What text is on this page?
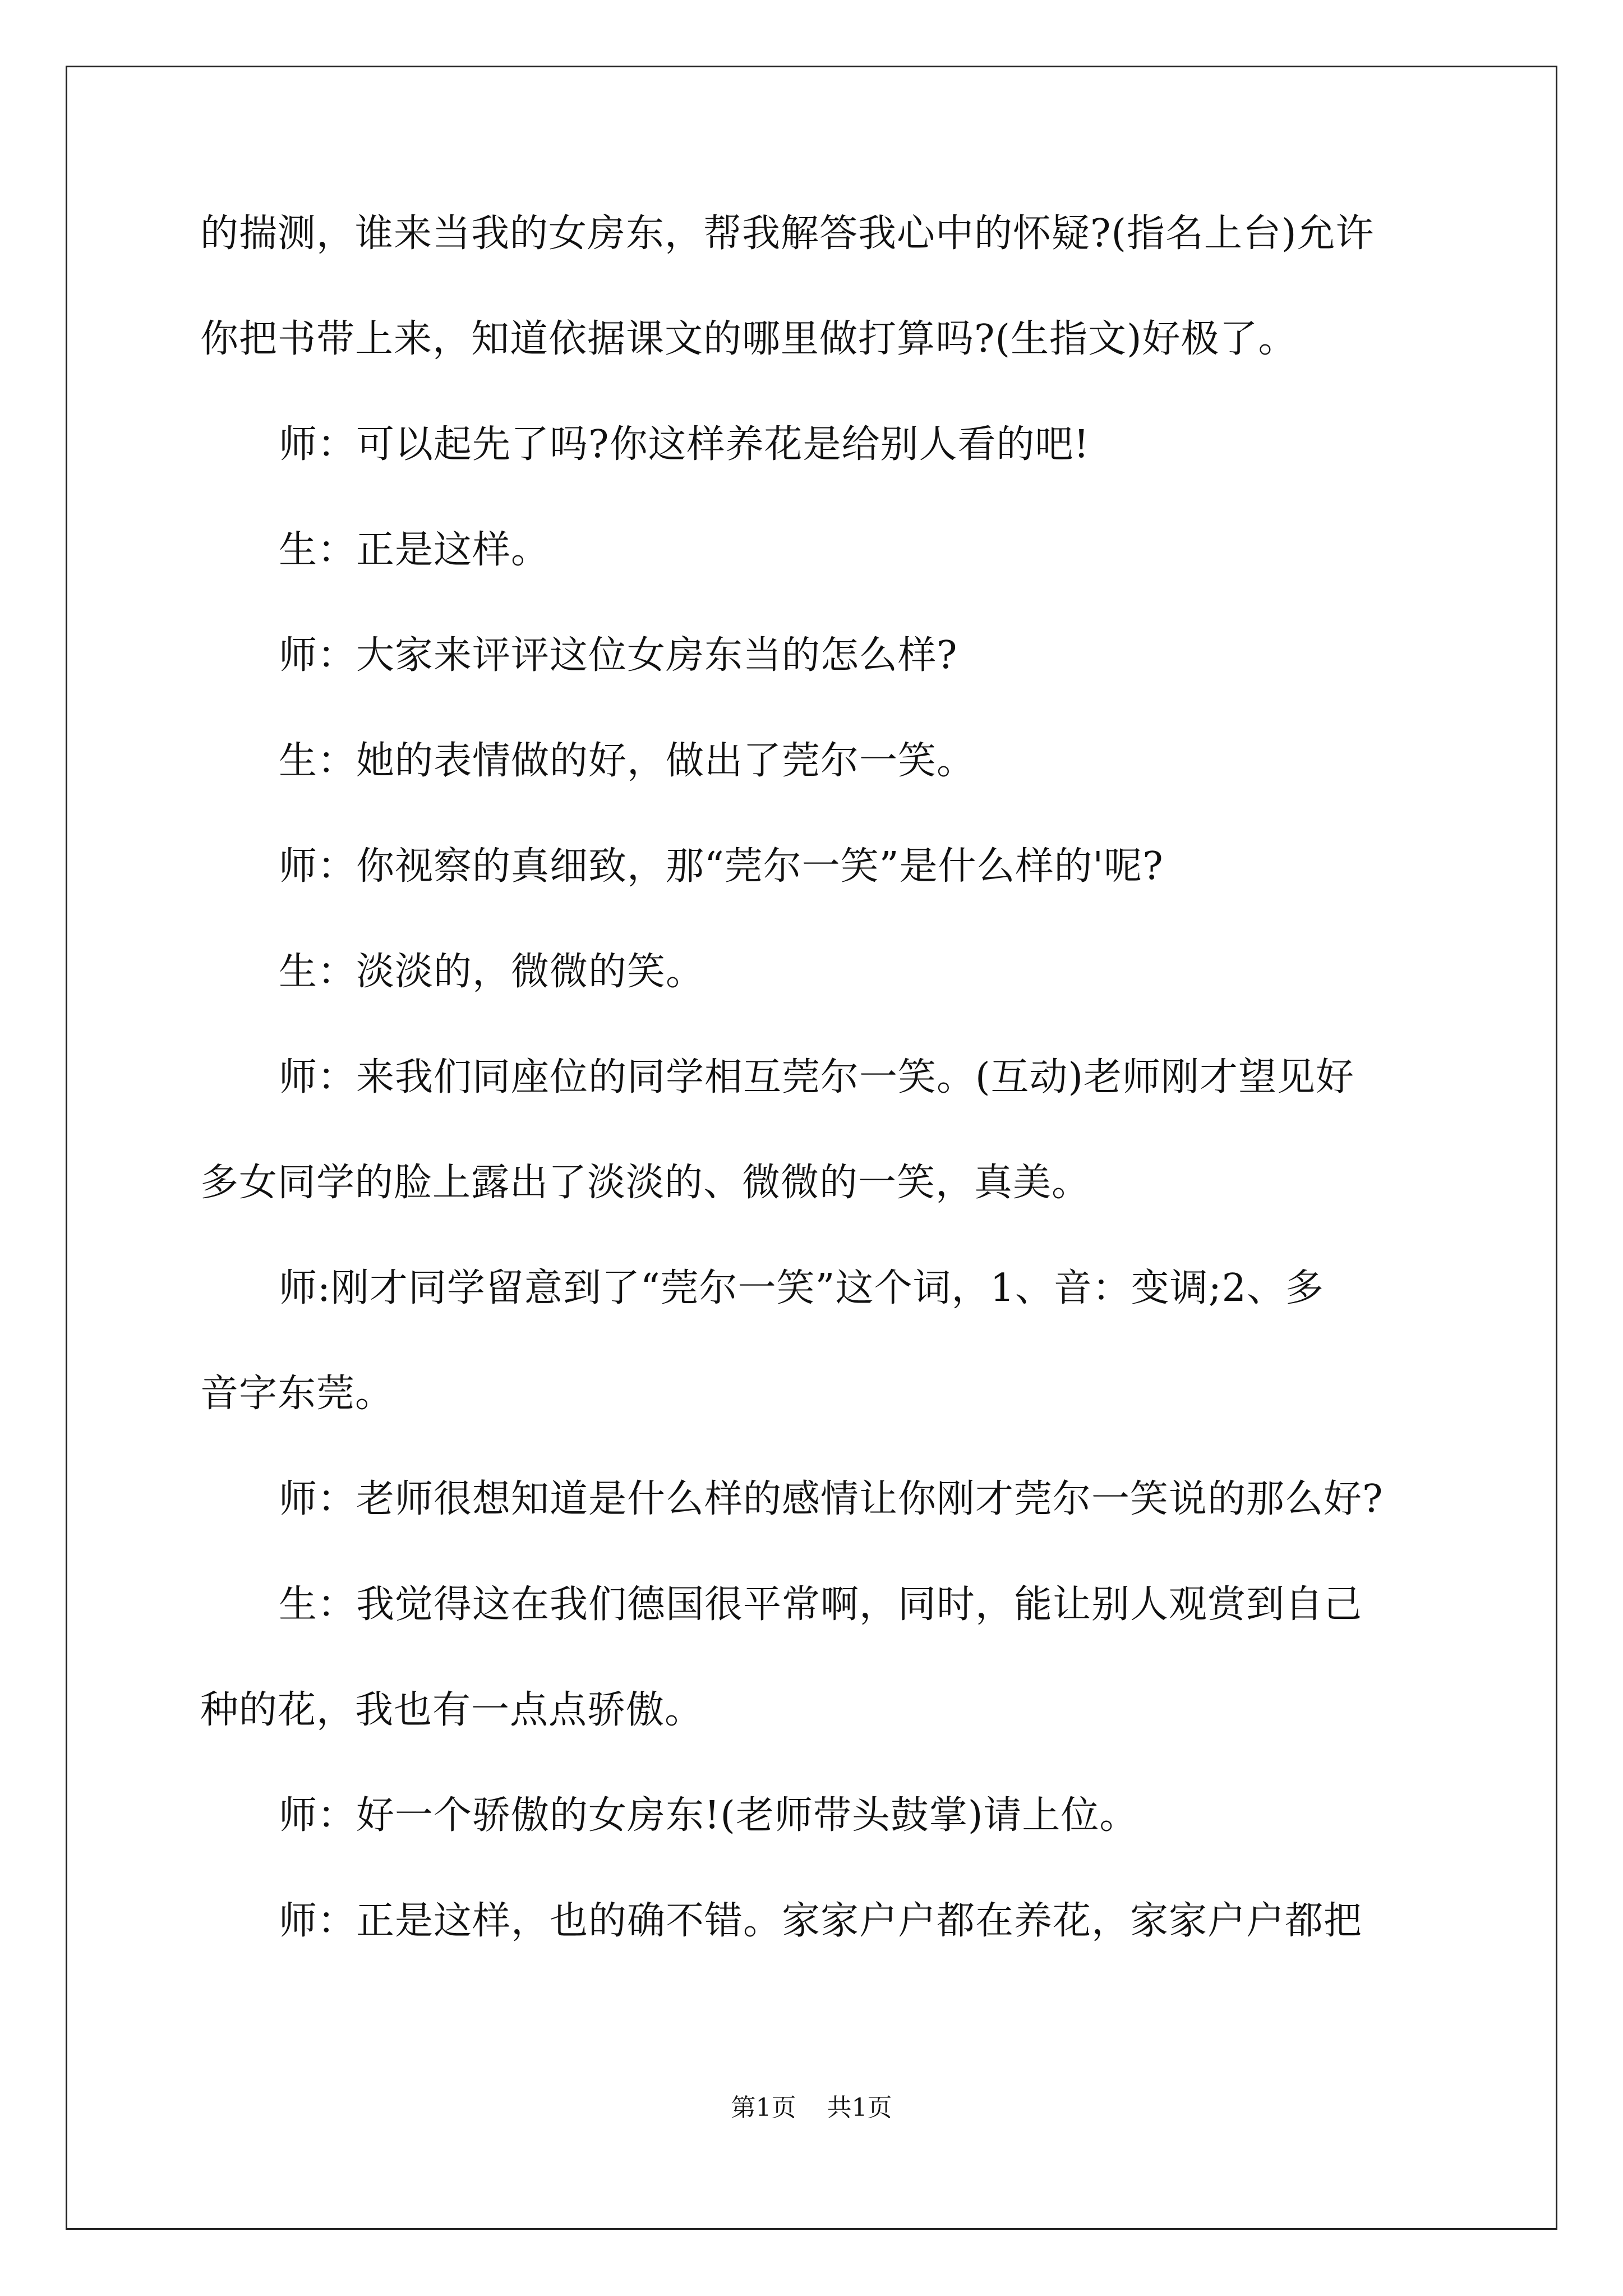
的揣测，谁来当我的女房东，帮我解答我心中的怀疑?(指名上台)允许
你把书带上来，知道依据课文的哪里做打算吗?(生指文)好极了。
师：可以起先了吗?你这样养花是给别人看的吧!
生：正是这样。
师：大家来评评这位女房东当的怎么样?
生：她的表情做的好，做出了莞尔一笑。
师：你视察的真细致，那“莞尔一笑”是什么样的'呢?
生：淡淡的，微微的笑。
师：来我们同座位的同学相互莞尔一笑。(互动)老师刚才望见好
多女同学的脸上露出了淡淡的、微微的一笑，真美。
师:刚才同学留意到了“莞尔一笑”这个词，1、音：变调;2、多
音字东莞。
师：老师很想知道是什么样的感情让你刚才莞尔一笑说的那么好?
生：我觉得这在我们德国很平常啊，同时，能让别人观赏到自己
种的花，我也有一点点骄傲。
师：好一个骄傲的女房东!(老师带头鼓掌)请上位。
师：正是这样，也的确不错。家家户户都在养花，家家户户都把
第1页 共1页
